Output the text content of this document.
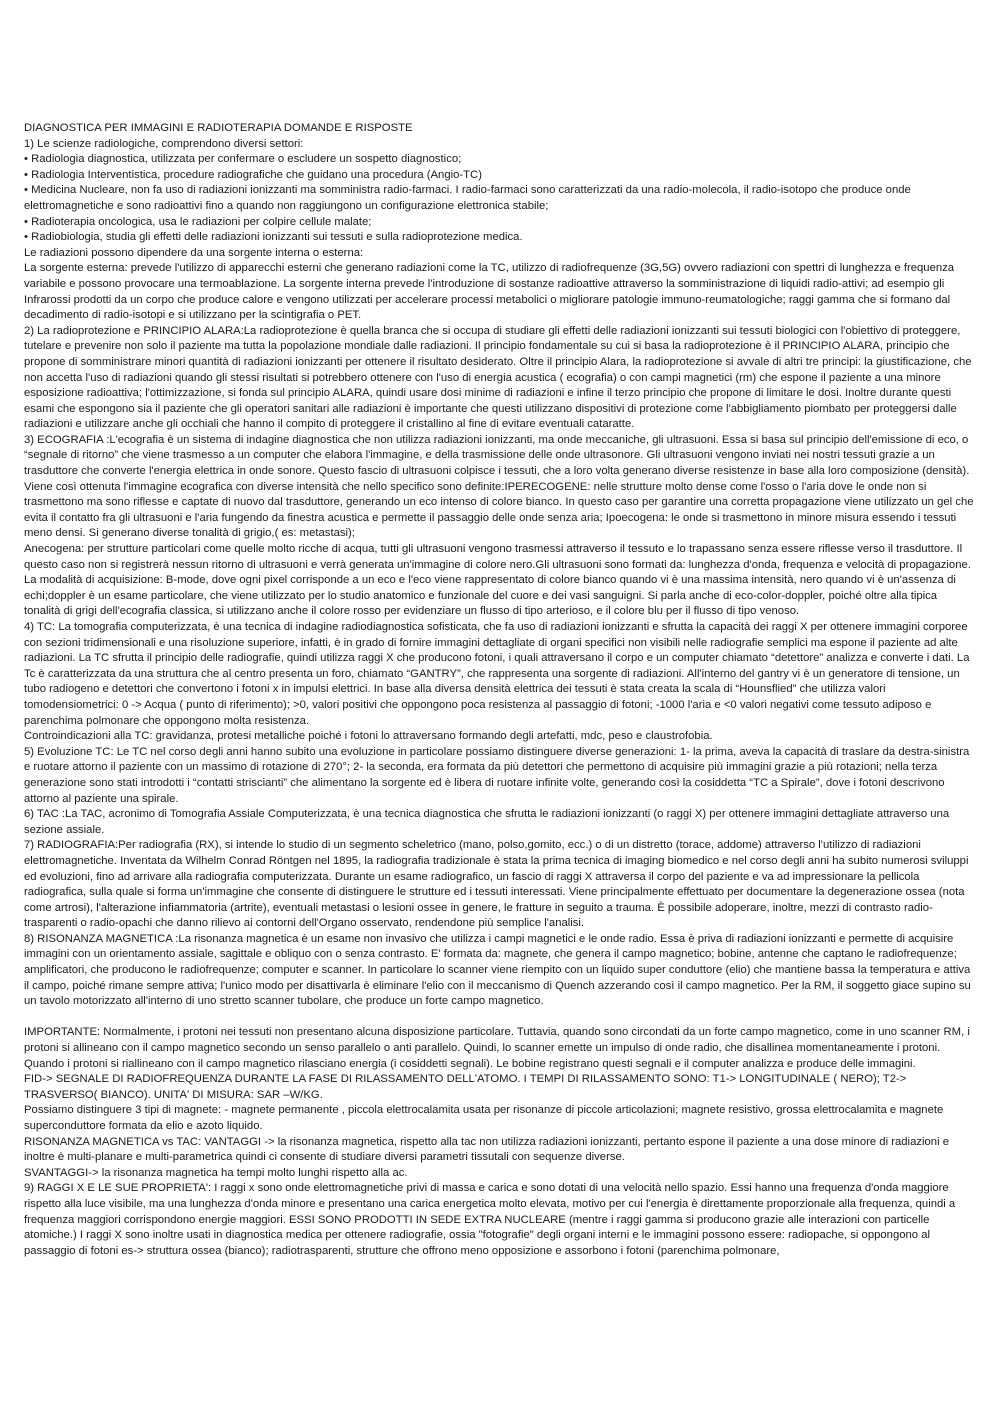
DIAGNOSTICA PER IMMAGINI E RADIOTERAPIA DOMANDE E RISPOSTE

1) Le scienze radiologiche, comprendono diversi settori:

• Radiologia diagnostica, utilizzata per confermare o escludere un sospetto diagnostico;

• Radiologia Interventistica, procedure radiografiche che guidano una procedura (Angio-TC)

• Medicina Nucleare, non fa uso di radiazioni ionizzanti ma somministra radio-farmaci. I radio-farmaci sono caratterizzati da una radio-molecola, il radio-isotopo che produce onde elettromagnetiche e sono radioattivi fino a quando non raggiungono un configurazione elettronica stabile;

• Radioterapia oncologica, usa le radiazioni per colpire cellule malate;

• Radiobiologia, studia gli effetti delle radiazioni ionizzanti sui tessuti e sulla radioprotezione medica.

Le radiazioni possono dipendere da una sorgente interna o esterna:

La sorgente esterna: prevede l'utilizzo di apparecchi esterni che generano radiazioni come la TC, utilizzo di radiofrequenze (3G,5G) ovvero radiazioni con spettri di lunghezza e frequenza variabile e possono provocare una termoablazione. La sorgente interna prevede l'introduzione di sostanze radioattive attraverso la somministrazione di liquidi radio-attivi; ad esempio gli Infrarossi prodotti da un corpo che produce calore e vengono utilizzati per accelerare processi metabolici o migliorare patologie immuno-reumatologiche; raggi gamma che si formano dal decadimento di radio-isotopi e si utilizzano per la scintigrafia o PET.

2) La radioprotezione e PRINCIPIO ALARA:La radioprotezione è quella branca che si occupa di studiare gli effetti delle radiazioni ionizzanti sui tessuti biologici con l'obiettivo di proteggere, tutelare e prevenire non solo il paziente ma tutta la popolazione mondiale dalle radiazioni. Il principio fondamentale su cui si basa la radioprotezione è il PRINCIPIO ALARA, principio che propone di somministrare minori quantità di radiazioni ionizzanti per ottenere il risultato desiderato. Oltre il principio Alara, la radioprotezione si avvale di altri tre principi: la giustificazione, che non accetta l'uso di radiazioni quando gli stessi risultati si potrebbero ottenere con l'uso di energia acustica ( ecografia) o con campi magnetici (rm) che espone il paziente a una minore esposizione radioattiva; l'ottimizzazione, si fonda sul principio ALARA, quindi usare dosi minime di radiazioni e infine il terzo principio che propone di limitare le dosi. Inoltre durante questi esami che espongono sia il paziente che gli operatori sanitari alle radiazioni è importante che questi utilizzano dispositivi di protezione come l'abbigliamento piombato per proteggersi dalle radiazioni e utilizzare anche gli occhiali che hanno il compito di proteggere il cristallino al fine di evitare eventuali cataratte.

3) ECOGRAFIA :L'ecografia è un sistema di indagine diagnostica che non utilizza radiazioni ionizzanti, ma onde meccaniche, gli ultrasuoni. Essa si basa sul principio dell'emissione di eco, o “segnale di ritorno” che viene trasmesso a un computer che elabora l'immagine, e della trasmissione delle onde ultrasonore. Gli ultrasuoni vengono inviati nei nostri tessuti grazie a un trasduttore che converte l'energia elettrica in onde sonore. Questo fascio di ultrasuoni colpisce i tessuti, che a loro volta generano diverse resistenze in base alla loro composizione (densità). Viene così ottenuta l'immagine ecografica con diverse intensità che nello specifico sono definite:IPERECOGENE: nelle strutture molto dense come l'osso o l'aria dove le onde non si trasmettono ma sono riflesse e captate di nuovo dal trasduttore, generando un eco intenso di colore bianco. In questo caso per garantire una corretta propagazione viene utilizzato un gel che evita il contatto fra gli ultrasuoni e l'aria fungendo da finestra acustica e permette il passaggio delle onde senza aria; Ipoecogena: le onde si trasmettono in minore misura essendo i tessuti meno densi. Si generano diverse tonalità di grigio,( es: metastasi);

Anecogena: per strutture particolari come quelle molto ricche di acqua, tutti gli ultrasuoni vengono trasmessi attraverso il tessuto e lo trapassano senza essere riflesse verso il trasduttore. Il questo caso non si registrerà nessun ritorno di ultrasuoni e verrà generata un'immagine di colore nero.Gli ultrasuoni sono formati da: lunghezza d'onda, frequenza e velocità di propagazione.

La modalità di acquisizione: B-mode, dove ogni pixel corrisponde a un eco e l'eco viene rappresentato di colore bianco quando vi è una massima intensità, nero quando vi è un'assenza di echi;doppler è un esame particolare, che viene utilizzato per lo studio anatomico e funzionale del cuore e dei vasi sanguigni. Si parla anche di eco-color-doppler, poiché oltre alla tipica tonalità di grigi dell'ecografia classica, si utilizzano anche il colore rosso per evidenziare un flusso di tipo arterioso, e il colore blu per il flusso di tipo venoso.

4) TC: La tomografia computerizzata, è una tecnica di indagine radiodiagnostica sofisticata, che fa uso di radiazioni ionizzanti e sfrutta la capacità dei raggi X per ottenere immagini corporee con sezioni tridimensionali e una risoluzione superiore, infatti, è in grado di fornire immagini dettagliate di organi specifici non visibili nelle radiografie semplici ma espone il paziente ad alte radiazioni. La TC sfrutta il principio delle radiografie, quindi utilizza raggi X che producono fotoni, i quali attraversano il corpo e un computer chiamato “detettore” analizza e converte i dati. La Tc è caratterizzata da una struttura che al centro presenta un foro, chiamato “GANTRY”, che rappresenta una sorgente di radiazioni. All'interno del gantry vi è un generatore di tensione, un tubo radiogeno e detettori che convertono i fotoni x in impulsi elettrici. In base alla diversa densità elettrica dei tessuti è stata creata la scala di “Hounsflied” che utilizza valori tomodensiometrici: 0 -> Acqua ( punto di riferimento); >0, valori positivi che oppongono poca resistenza al passaggio di fotoni; -1000 l'aria e <0 valori negativi come tessuto adiposo e parenchima polmonare che oppongono molta resistenza.

Controindicazioni alla TC: gravidanza, protesi metalliche poiché i fotoni lo attraversano formando degli artefatti, mdc, peso e claustrofobia.

5) Evoluzione TC: Le TC nel corso degli anni hanno subito una evoluzione in particolare possiamo distinguere diverse generazioni: 1- la prima, aveva la capacità di traslare da destra-sinistra e ruotare attorno il paziente con un massimo di rotazione di 270°; 2- la seconda, era formata da più detettori che permettono di acquisire più immagini grazie a più rotazioni; nella terza generazione sono stati introdotti i “contatti striscianti” che alimentano la sorgente ed è libera di ruotare infinite volte, generando così la cosiddetta “TC a Spirale”, dove i fotoni descrivono attorno al paziente una spirale.

6) TAC :La TAC, acronimo di Tomografia Assiale Computerizzata, è una tecnica diagnostica che sfrutta le radiazioni ionizzanti (o raggi X) per ottenere immagini dettagliate attraverso una sezione assiale.

7) RADIOGRAFIA:Per radiografia (RX), si intende lo studio di un segmento scheletrico (mano, polso,gomito, ecc.) o di un distretto (torace, addome) attraverso l'utilizzo di radiazioni elettromagnetiche. Inventata da Wilhelm Conrad Röntgen nel 1895, la radiografia tradizionale è stata la prima tecnica di imaging biomedico e nel corso degli anni ha subito numerosi sviluppi ed evoluzioni, fino ad arrivare alla radiografia computerizzata. Durante un esame radiografico, un fascio di raggi X attraversa il corpo del paziente e va ad impressionare la pellicola radiografica, sulla quale si forma un'immagine che consente di distinguere le strutture ed i tessuti interessati. Viene principalmente effettuato per documentare la degenerazione ossea (nota come artrosi), l'alterazione infiammatoria (artrite), eventuali metastasi o lesioni ossee in genere, le fratture in seguito a trauma. È possibile adoperare, inoltre, mezzi di contrasto radio-trasparenti o radio-opachi che danno rilievo ai contorni dell'Organo osservato, rendendone più semplice l'analisi.

8) RISONANZA MAGNETICA :La risonanza magnetica è un esame non invasivo che utilizza i campi magnetici e le onde radio. Essa è priva di radiazioni ionizzanti e permette di acquisire immagini con un orientamento assiale, sagittale e obliquo con o senza contrasto. E' formata da: magnete, che genera il campo magnetico; bobine, antenne che captano le radiofrequenze; amplificatori, che producono le radiofrequenze; computer e scanner. In particolare lo scanner viene riempito con un liquido super conduttore (elio) che mantiene bassa la temperatura e attiva il campo, poiché rimane sempre attiva; l'unico modo per disattivarla è eliminare l'elio con il meccanismo di Quench azzerando così il campo magnetico. Per la RM, il soggetto giace supino su un tavolo motorizzato all'interno di uno stretto scanner tubolare, che produce un forte campo magnetico.

IMPORTANTE: Normalmente, i protoni nei tessuti non presentano alcuna disposizione particolare. Tuttavia, quando sono circondati da un forte campo magnetico, come in uno scanner RM, i protoni si allineano con il campo magnetico secondo un senso parallelo o anti parallelo. Quindi, lo scanner emette un impulso di onde radio, che disallinea momentaneamente i protoni. Quando i protoni si riallineano con il campo magnetico rilasciano energia (i cosiddetti segnali). Le bobine registrano questi segnali e il computer analizza e produce delle immagini.

FID-> SEGNALE DI RADIOFREQUENZA DURANTE LA FASE DI RILASSAMENTO DELL'ATOMO. I TEMPI DI RILASSAMENTO SONO: T1-> LONGITUDINALE ( NERO); T2-> TRASVERSO( BIANCO). UNITA' DI MISURA: SAR –W/KG.

Possiamo distinguere 3 tipi di magnete: - magnete permanente , piccola elettrocalamita usata per risonanze di piccole articolazioni; magnete resistivo, grossa elettrocalamita e magnete superconduttore formata da elio e azoto liquido.

RISONANZA MAGNETICA vs TAC: VANTAGGI -> la risonanza magnetica, rispetto alla tac non utilizza radiazioni ionizzanti, pertanto espone il paziente a una dose minore di radiazioni e inoltre è multi-planare e multi-parametrica quindi ci consente di studiare diversi parametri tissutali con sequenze diverse.

SVANTAGGI-> la risonanza magnetica ha tempi molto lunghi rispetto alla ac.

9) RAGGI X E LE SUE PROPRIETA': I raggi x sono onde elettromagnetiche privi di massa e carica e sono dotati di una velocità nello spazio. Essi hanno una frequenza d'onda maggiore rispetto alla luce visibile, ma una lunghezza d'onda minore e presentano una carica energetica molto elevata, motivo per cui l'energia è direttamente proporzionale alla frequenza, quindi a frequenza maggiori corrispondono energie maggiori. ESSI SONO PRODOTTI IN SEDE EXTRA NUCLEARE (mentre i raggi gamma si producono grazie alle interazioni con particelle atomiche.) I raggi X sono inoltre usati in diagnostica medica per ottenere radiografie, ossia "fotografie" degli organi interni e le immagini possono essere: radiopache, si oppongono al passaggio di fotoni es-> struttura ossea (bianco); radiotrasparenti, strutture che offrono meno opposizione e assorbono i fotoni (parenchima polmonare,
